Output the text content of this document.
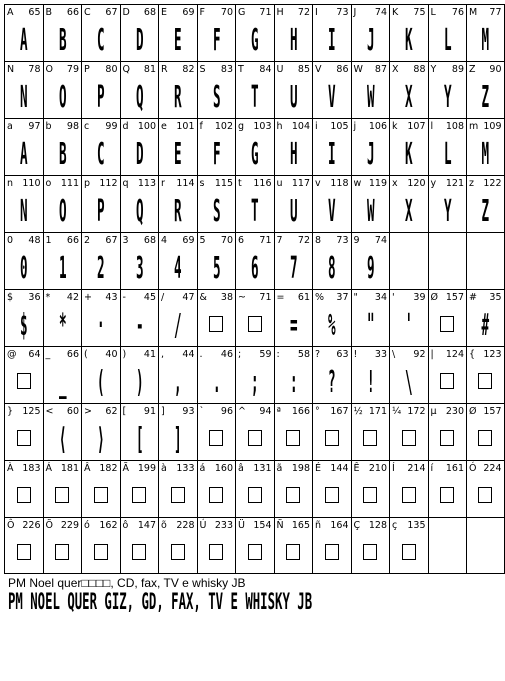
A 65
A
B 66
B
C 67
C
D 68
D
E 69
E
F 70
F
G 71
G
H 72
H
I 73
I
J 74
J
K 75
K
L 76
L
M 77
M
N 78
N
O 79
O
P 80
P
Q 81
Q
R 82
R
S 83
S
T 84
T
U 85
U
V 86
V
W 87
W
X 88
X
Y 89
Y
Z 90
Z
a 97
A
b 98
B
c 99
C
d 100
D
e 101
E
f 102
F
g 103
G
h 104
H
i 105
I
j 106
J
k 107
K
l 108
L
m 109
M
n 110
N
o 111
O
p 112
P
q 113
Q
r 114
R
s 115
S
t 116
T
u 117
U
v 118
V
w 119
W
x 120
X
y 121
Y
z 122
Z
0 48
0
1 66
1
2 67
2
3 68
3
4 69
4
5 70
5
6 71
6
7 72
7
8 73
8
9 74
9
$ 36
$
* 42
*
+ 43
·
- 45
-
/ 47
/
& 38 ~ 71 = 61
=
% 37
%
" 34
"
' 39
'
Ø 157 # 35
#
@ 64 _ 66
_
( 40
(
) 41
)
, 44
,
. 46
.
; 59
;
: 58
:
? 63
?
! 33
!
\ 92
\
| 124 { 123
} 125 < 60
⟨
> 62
⟩
[ 91
[
] 93
]
` 96 ^ 94 ª 166 ° 167 ½ 171 ¼ 172 µ 230 Ø 157
À 183 Á 181 Â 182 Ã 199 à 133 á 160 â 131 ã 198 É 144 Ê 210 Í 214 í 161 Ó 224
Ô 226 Õ 229 ó 162 ô 147 õ 228 Ú 233 Ü 154 Ñ 165 ñ 164 Ç 128 ç 135
PM Noel quer□□□□, CD, fax, TV e whisky JB
PM NOEL QUER GIZ, GD, FAX, TV E WHISKY JB
